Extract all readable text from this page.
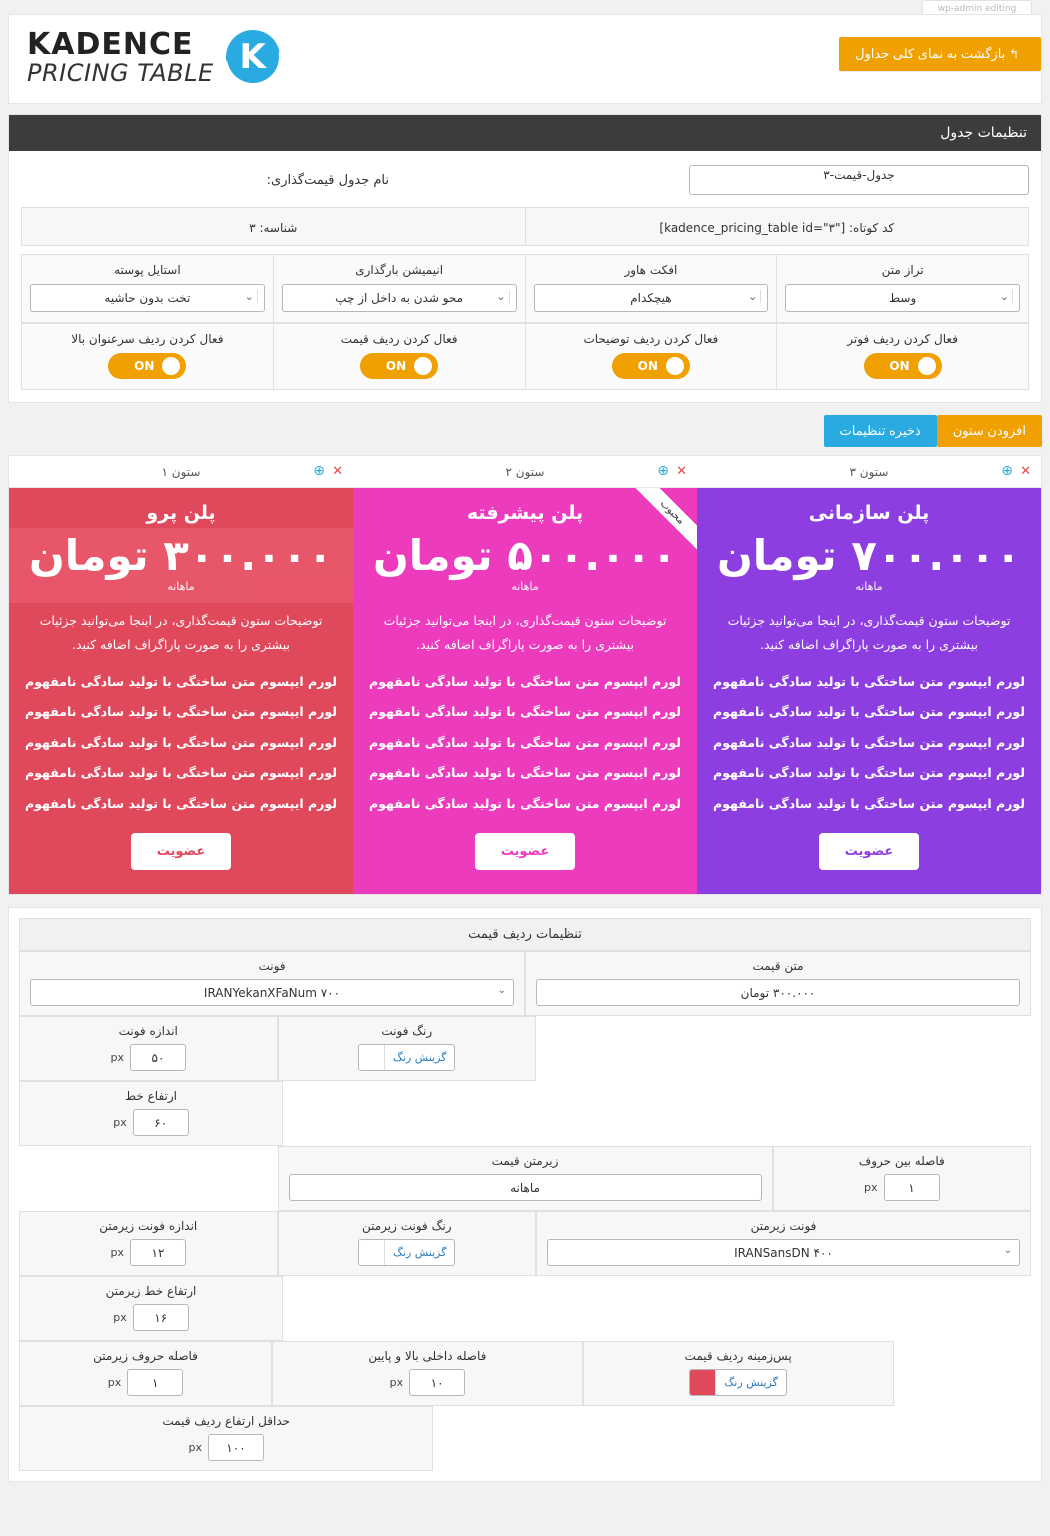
wp-admin editing
↰ بازگشت به نمای کلی جداول
KADENCE
PRICING TABLE K
تنظیمات جدول
جدول-قیمت-۳
نام جدول قیمت‌گذاری:
کد کوتاه: ["kadence_pricing_table id="۳]
شناسه: ۳
تراز متن
⌄
وسط
افکت هاور
⌄
هیچکدام
انیمیشن بارگذاری
⌄
محو شدن به داخل از چپ
استایل پوسته
⌄
تخت بدون حاشیه
فعال کردن ردیف فوتر
ON
فعال کردن ردیف توضیحات
ON
فعال کردن ردیف قیمت
ON
فعال کردن ردیف سرعنوان بالا
ON
افزودن ستون
ذخیره تنظیمات
✕
⊕
ستون ۳
پلن سازمانی
۷۰۰.۰۰۰ تومان
ماهانه
توضیحات ستون قیمت‌گذاری، در اینجا می‌توانید جزئیات بیشتری را به صورت پاراگراف اضافه کنید.
لورم ایپسوم متن ساختگی با تولید سادگی نامفهوم
لورم ایپسوم متن ساختگی با تولید سادگی نامفهوم
لورم ایپسوم متن ساختگی با تولید سادگی نامفهوم
لورم ایپسوم متن ساختگی با تولید سادگی نامفهوم
لورم ایپسوم متن ساختگی با تولید سادگی نامفهوم
عضویت
✕
⊕
ستون ۲
محبوب
پلن پیشرفته
۵۰۰.۰۰۰ تومان
ماهانه
توضیحات ستون قیمت‌گذاری، در اینجا می‌توانید جزئیات بیشتری را به صورت پاراگراف اضافه کنید.
لورم ایپسوم متن ساختگی با تولید سادگی نامفهوم
لورم ایپسوم متن ساختگی با تولید سادگی نامفهوم
لورم ایپسوم متن ساختگی با تولید سادگی نامفهوم
لورم ایپسوم متن ساختگی با تولید سادگی نامفهوم
لورم ایپسوم متن ساختگی با تولید سادگی نامفهوم
عضویت
✕
⊕
ستون ۱
پلن پرو
۳۰۰.۰۰۰ تومان
ماهانه
توضیحات ستون قیمت‌گذاری، در اینجا می‌توانید جزئیات بیشتری را به صورت پاراگراف اضافه کنید.
لورم ایپسوم متن ساختگی با تولید سادگی نامفهوم
لورم ایپسوم متن ساختگی با تولید سادگی نامفهوم
لورم ایپسوم متن ساختگی با تولید سادگی نامفهوم
لورم ایپسوم متن ساختگی با تولید سادگی نامفهوم
لورم ایپسوم متن ساختگی با تولید سادگی نامفهوم
عضویت
تنظیمات ردیف قیمت
متن قیمت
۳۰۰.۰۰۰ تومان
فونت
⌄
IRANYekanXFaNum ۷۰۰
رنگ فونت
گزینش رنگ
اندازه فونت
px	۵۰
ارتفاع خط
px	۶۰
فاصله بین حروف
px	۱
زیرمتن قیمت
ماهانه
فونت زیرمتن
⌄
IRANSansDN ۴۰۰
رنگ فونت زیرمتن
گزینش رنگ
اندازه فونت زیرمتن
px	۱۲
ارتفاع خط زیرمتن
px	۱۶
پس‌زمینه ردیف قیمت
گزینش رنگ
فاصله داخلی بالا و پایین
px	۱۰
فاصله حروف زیرمتن
px	۱
حداقل ارتفاع ردیف قیمت
px	۱۰۰
